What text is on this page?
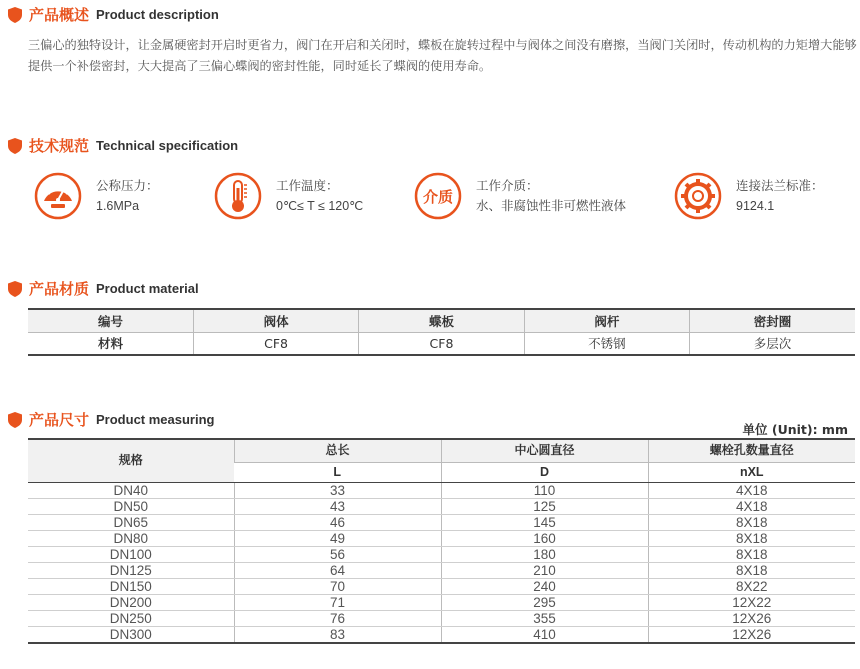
产品概述 Product description

三偏心的独特设计，让金属硬密封开启时更省力，阀门在开启和关闭时，蝶板在旋转过程中与阀体之间没有磨擦，当阀门关闭时，传动机构的力矩增大能够提供一个补偿密封，大大提高了三偏心蝶阀的密封性能，同时延长了蝶阀的使用寿命。

技术规范 Technical specification
公称压力：
1.6MPa
工作温度：
0℃≤ T ≤ 120℃	介质
工作介质：
水、非腐蚀性非可燃性液体
连接法兰标准：
9124.1
产品材质 Product material
编号	阀体	蝶板	阀杆	密封圈
材料	CF8	CF8	不锈钢	多层次
产品尺寸 Product measuring
单位 (Unit): mm
规格	总长	中心圆直径	螺栓孔数量直径
	L	D	nXL
DN40	33	110	4X18
DN50	43	125	4X18
DN65	46	145	8X18
DN80	49	160	8X18
DN100	56	180	8X18
DN125	64	210	8X18
DN150	70	240	8X22
DN200	71	295	12X22
DN250	76	355	12X26
DN300	83	410	12X26
